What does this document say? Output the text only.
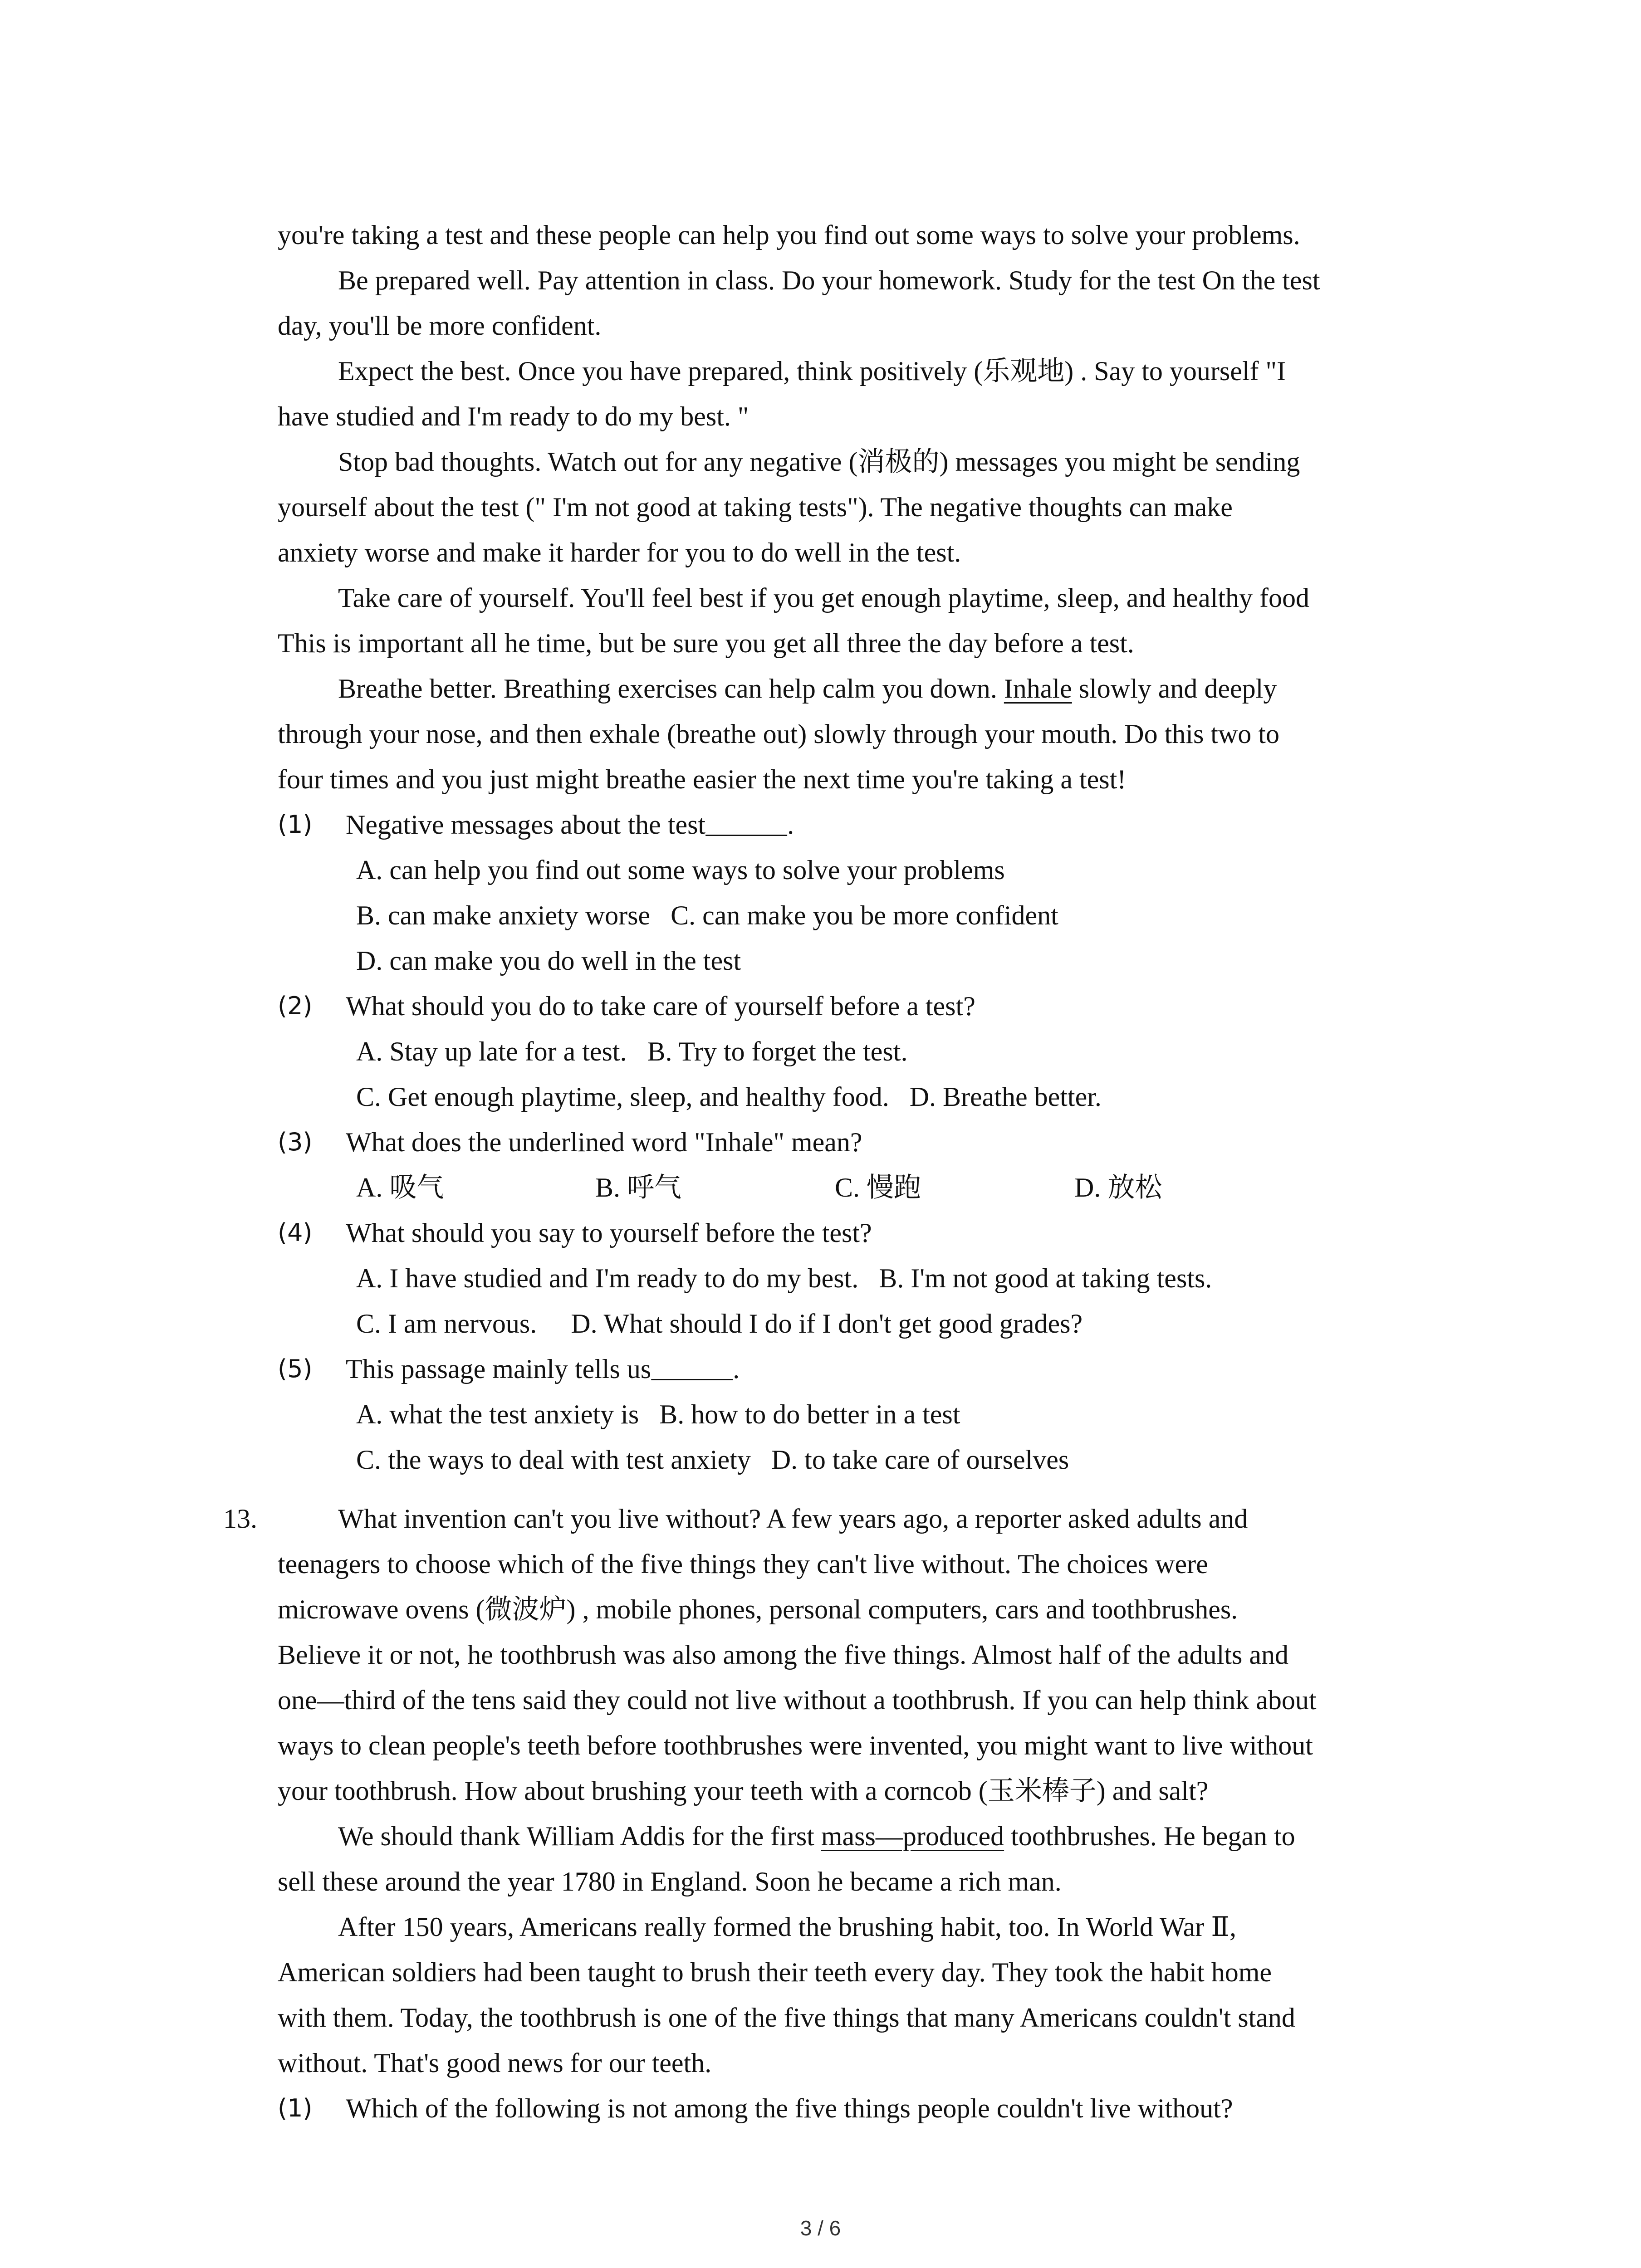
you're taking a test and these people can help you find out some ways to solve your problems.
Be prepared well. Pay attention in class. Do your homework. Study for the test On the test
day, you'll be more confident.
Expect the best. Once you have prepared, think positively (乐观地) . Say to yourself "I
have studied and I'm ready to do my best. "
Stop bad thoughts. Watch out for any negative (消极的) messages you might be sending
yourself about the test (" I'm not good at taking tests"). The negative thoughts can make
anxiety worse and make it harder for you to do well in the test.
Take care of yourself. You'll feel best if you get enough playtime, sleep, and healthy food
This is important all he time, but be sure you get all three the day before a test.
Breathe better. Breathing exercises can help calm you down. Inhale slowly and deeply
through your nose, and then exhale (breathe out) slowly through your mouth. Do this two to
four times and you just might breathe easier the next time you're taking a test!
(1) Negative messages about the test	.
A. can help you find out some ways to solve your problems
B. can make anxiety worse   C. can make you be more confident
D. can make you do well in the test
(2) What should you do to take care of yourself before a test?
A. Stay up late for a test.   B. Try to forget the test.
C. Get enough playtime, sleep, and healthy food.   D. Breathe better.
(3) What does the underlined word "Inhale" mean?
A. 吸气	B. 呼气	C. 慢跑	D. 放松
(4) What should you say to yourself before the test?
A. I have studied and I'm ready to do my best.   B. I'm not good at taking tests.
C. I am nervous.     D. What should I do if I don't get good grades?
(5) This passage mainly tells us	.
A. what the test anxiety is   B. how to do better in a test
C. the ways to deal with test anxiety   D. to take care of ourselves
13.	What invention can't you live without? A few years ago, a reporter asked adults and
teenagers to choose which of the five things they can't live without. The choices were
microwave ovens (微波炉) , mobile phones, personal computers, cars and toothbrushes.
Believe it or not, he toothbrush was also among the five things. Almost half of the adults and
one—third of the tens said they could not live without a toothbrush. If you can help think about
ways to clean people's teeth before toothbrushes were invented, you might want to live without
your toothbrush. How about brushing your teeth with a corncob (玉米棒子) and salt?
We should thank William Addis for the first mass—produced toothbrushes. He began to
sell these around the year 1780 in England. Soon he became a rich man.
After 150 years, Americans really formed the brushing habit, too. In World War Ⅱ,
American soldiers had been taught to brush their teeth every day. They took the habit home
with them. Today, the toothbrush is one of the five things that many Americans couldn't stand
without. That's good news for our teeth.
(1) Which of the following is not among the five things people couldn't live without?
3 / 6
